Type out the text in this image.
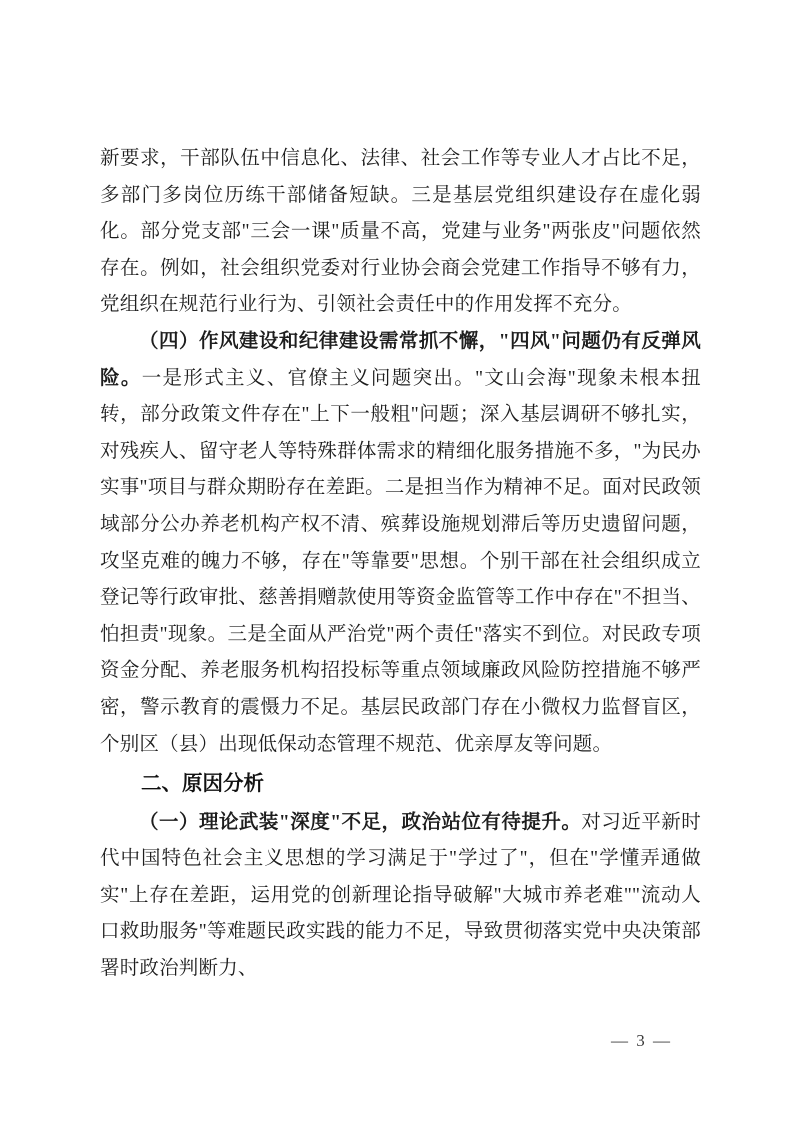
新要求，干部队伍中信息化、法律、社会工作等专业人才占比不足，多部门多岗位历练干部储备短缺。三是基层党组织建设存在虚化弱化。部分党支部"三会一课"质量不高，党建与业务"两张皮"问题依然存在。例如，社会组织党委对行业协会商会党建工作指导不够有力，党组织在规范行业行为、引领社会责任中的作用发挥不充分。

（四）作风建设和纪律建设需常抓不懈，"四风"问题仍有反弹风险。一是形式主义、官僚主义问题突出。"文山会海"现象未根本扭转，部分政策文件存在"上下一般粗"问题；深入基层调研不够扎实，对残疾人、留守老人等特殊群体需求的精细化服务措施不多，"为民办实事"项目与群众期盼存在差距。二是担当作为精神不足。面对民政领域部分公办养老机构产权不清、殡葬设施规划滞后等历史遗留问题，攻坚克难的魄力不够，存在"等靠要"思想。个别干部在社会组织成立登记等行政审批、慈善捐赠款使用等资金监管等工作中存在"不担当、怕担责"现象。三是全面从严治党"两个责任"落实不到位。对民政专项资金分配、养老服务机构招投标等重点领域廉政风险防控措施不够严密，警示教育的震慑力不足。基层民政部门存在小微权力监督盲区，个别区（县）出现低保动态管理不规范、优亲厚友等问题。

二、原因分析

（一）理论武装"深度"不足，政治站位有待提升。对习近平新时代中国特色社会主义思想的学习满足于"学过了"，但在"学懂弄通做实"上存在差距，运用党的创新理论指导破解"大城市养老难""流动人口救助服务"等难题民政实践的能力不足，导致贯彻落实党中央决策部署时政治判断力、

— 3 —
